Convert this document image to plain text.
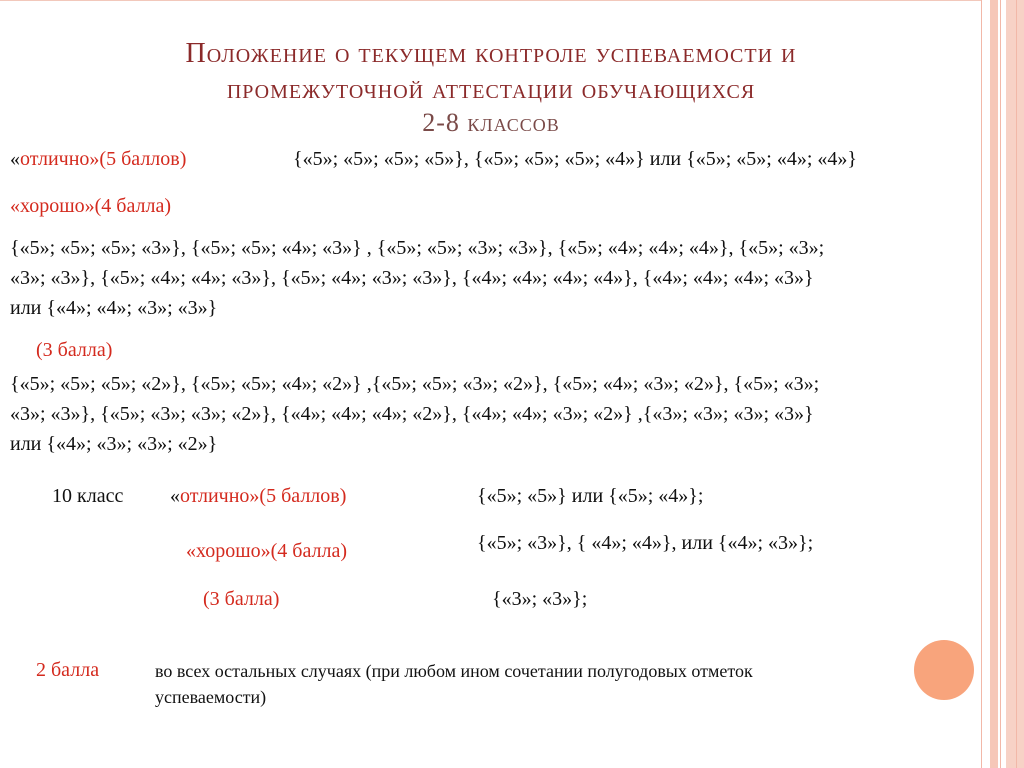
Положение о текущем контроле успеваемости и
промежуточной аттестации обучающихся
2-8 классов
«отлично»(5 баллов)	{«5»; «5»; «5»; «5»}, {«5»; «5»; «5»; «4»} или {«5»; «5»; «4»; «4»}
«хорошо»(4 балла)
{«5»; «5»; «5»; «3»}, {«5»; «5»; «4»; «3»} , {«5»; «5»; «3»; «3»}, {«5»; «4»; «4»; «4»}, {«5»; «3»;
«3»; «3»}, {«5»; «4»; «4»; «3»}, {«5»; «4»; «3»; «3»}, {«4»; «4»; «4»; «4»}, {«4»; «4»; «4»; «3»}
или {«4»; «4»; «3»; «3»}
(3 балла)
{«5»; «5»; «5»; «2»}, {«5»; «5»; «4»; «2»} ,{«5»; «5»; «3»; «2»}, {«5»; «4»; «3»; «2»}, {«5»; «3»;
«3»; «3»}, {«5»; «3»; «3»; «2»}, {«4»; «4»; «4»; «2»}, {«4»; «4»; «3»; «2»} ,{«3»; «3»; «3»; «3»}
или {«4»; «3»; «3»; «2»}
10 класс «отлично»(5 баллов)	{«5»; «5»} или {«5»; «4»};
«хорошо»(4 балла)	{«5»; «3»}, { «4»; «4»}, или {«4»; «3»};
(3 балла)	{«3»; «3»};
2 балла	во всех остальных случаях (при любом ином сочетании полугодовых отметок
успеваемости)
